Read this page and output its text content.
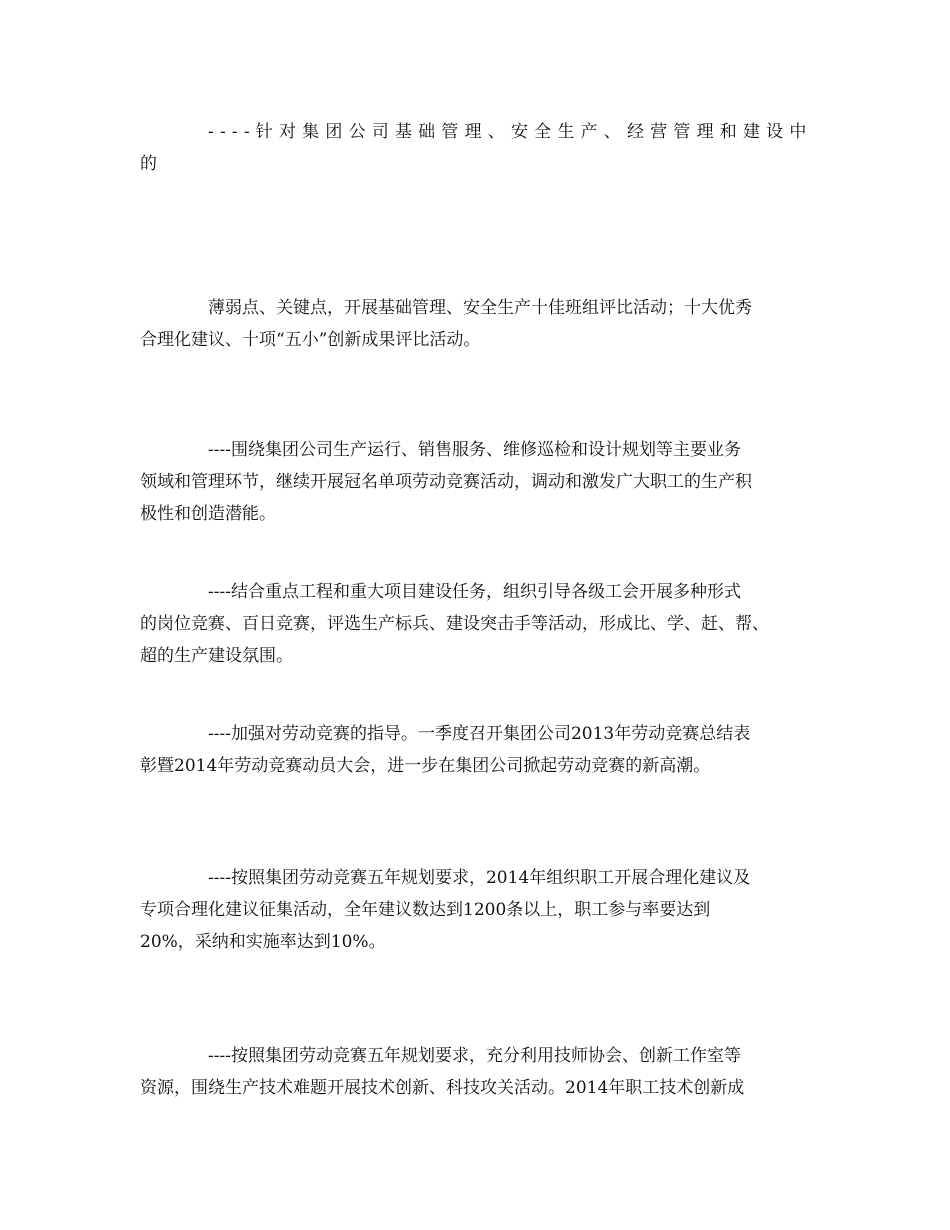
----针对集团公司基础管理、安全生产、经营管理和建设中
的

薄弱点、关键点，开展基础管理、安全生产十佳班组评比活动；十大优秀
合理化建议、十项“五小”创新成果评比活动。

----围绕集团公司生产运行、销售服务、维修巡检和设计规划等主要业务
领域和管理环节，继续开展冠名单项劳动竞赛活动，调动和激发广大职工的生产积
极性和创造潜能。

----结合重点工程和重大项目建设任务，组织引导各级工会开展多种形式
的岗位竞赛、百日竞赛，评选生产标兵、建设突击手等活动，形成比、学、赶、帮、
超的生产建设氛围。

----加强对劳动竞赛的指导。一季度召开集团公司2013年劳动竞赛总结表
彰暨2014年劳动竞赛动员大会，进一步在集团公司掀起劳动竞赛的新高潮。

----按照集团劳动竞赛五年规划要求，2014年组织职工开展合理化建议及
专项合理化建议征集活动，全年建议数达到1200条以上，职工参与率要达到
20%，采纳和实施率达到10%。

----按照集团劳动竞赛五年规划要求，充分利用技师协会、创新工作室等
资源，围绕生产技术难题开展技术创新、科技攻关活动。2014年职工技术创新成
